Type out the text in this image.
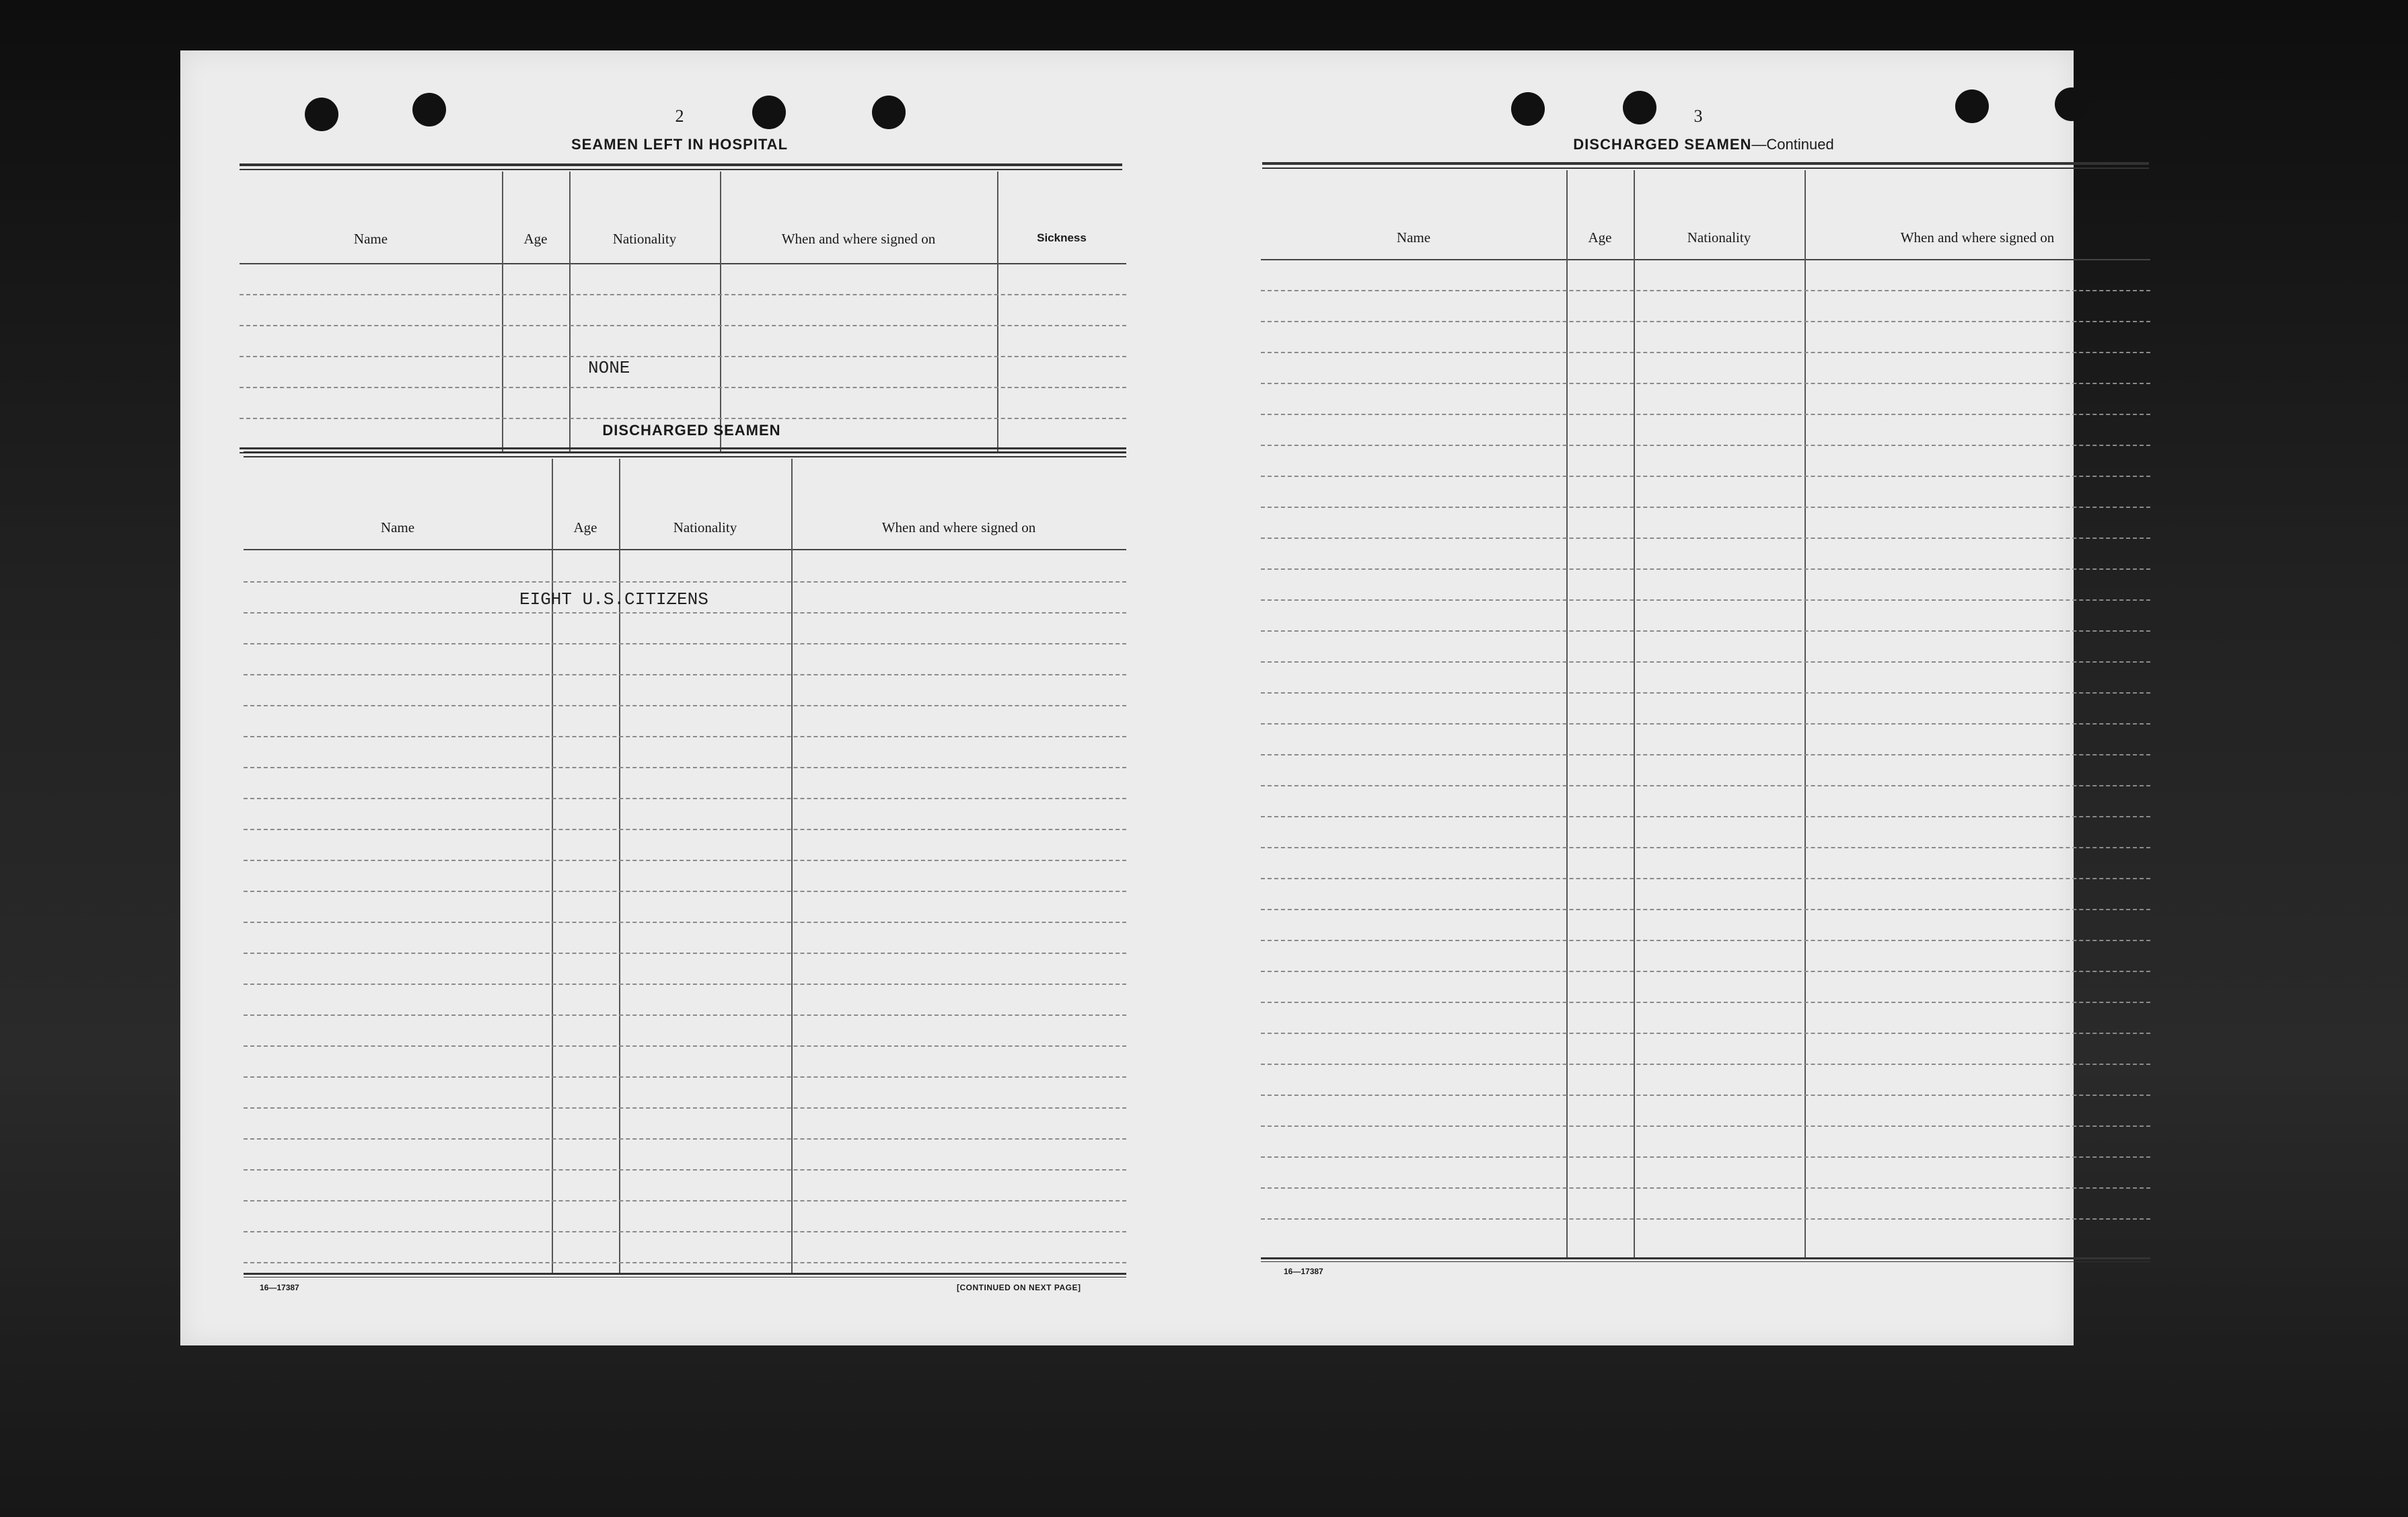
2
SEAMEN LEFT IN HOSPITAL
Name	Age	Nationality	When and where signed on	Sickness
NONE
DISCHARGED SEAMEN
Name	Age	Nationality	When and where signed on
EIGHT U.S.CITIZENS
16—17387	[CONTINUED ON NEXT PAGE]
3
DISCHARGED SEAMEN—Continued
Name	Age	Nationality	When and where signed on
16—17387
